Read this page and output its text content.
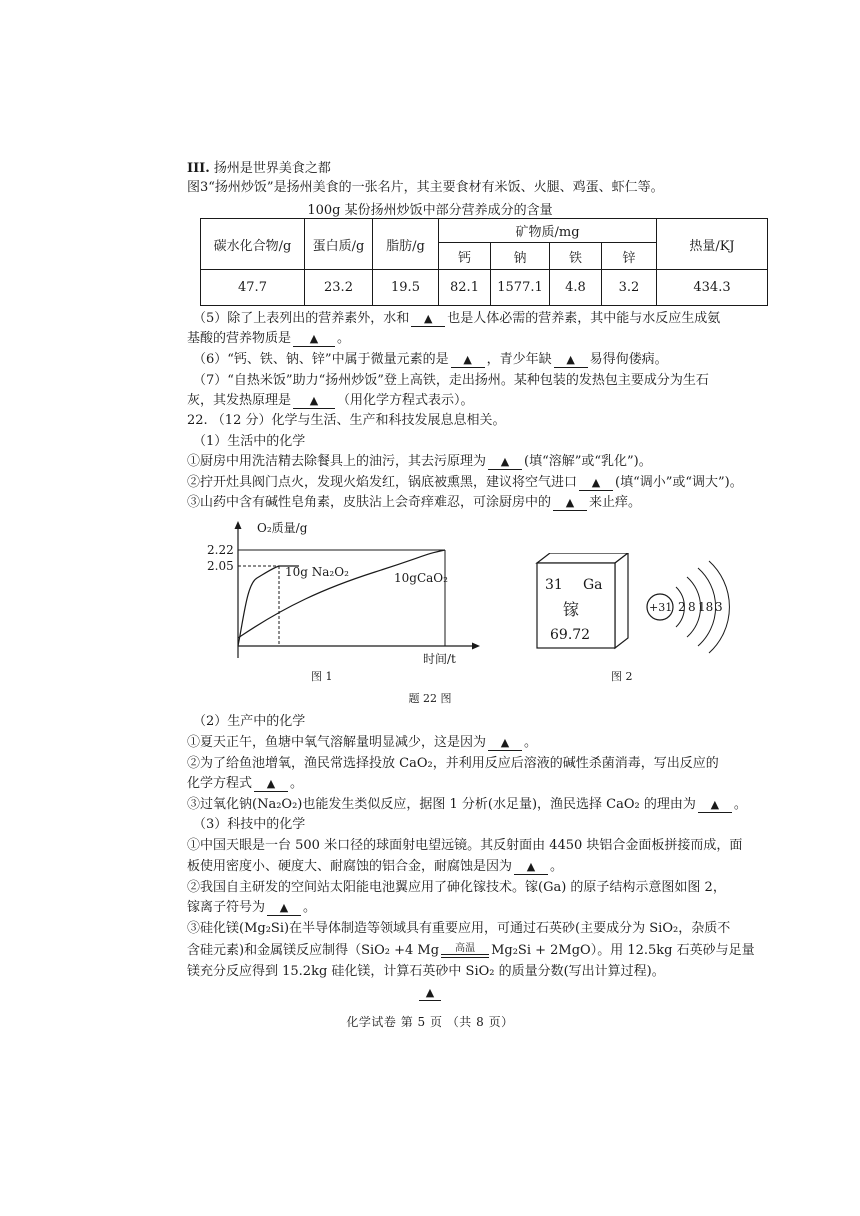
III. 扬州是世界美食之都
图3“扬州炒饭”是扬州美食的一张名片，其主要食材有米饭、火腿、鸡蛋、虾仁等。
100g 某份扬州炒饭中部分营养成分的含量
碳水化合物/g	蛋白质/g	脂肪/g	矿物质/mg				热量/KJ
			钙	钠	铁	锌	
47.7	23.2	19.5	82.1	1577.1	4.8	3.2	434.3
（5）除了上表列出的营养素外，水和 ▲ 也是人体必需的营养素，其中能与水反应生成氨
基酸的营养物质是 ▲ 。
（6）“钙、铁、钠、锌”中属于微量元素的是 ▲ ，青少年缺 ▲ 易得佝偻病。
（7）“自热米饭”助力“扬州炒饭”登上高铁，走出扬州。某种包装的发热包主要成分为生石
灰，其发热原理是 ▲ （用化学方程式表示）。
22. （12 分）化学与生活、生产和科技发展息息相关。
（1）生活中的化学
①厨房中用洗洁精去除餐具上的油污，其去污原理为 ▲ (填“溶解”或“乳化”)。
②拧开灶具阀门点火，发现火焰发红，锅底被熏黑，建议将空气进口 ▲ (填“调小”或“调大”)。
③山药中含有碱性皂角素，皮肤沾上会奇痒难忍，可涂厨房中的 ▲ 来止痒。
O₂质量/g
2.22
2.05	10g Na₂O₂	10gCaO₂
时间/t
图 1
31 Ga
镓
69.72
+31 2 8 18 3
图 2
题 22 图
（2）生产中的化学
①夏天正午，鱼塘中氧气溶解量明显减少，这是因为 ▲ 。
②为了给鱼池增氧，渔民常选择投放 CaO₂，并利用反应后溶液的碱性杀菌消毒，写出反应的
化学方程式 ▲ 。
③过氧化钠(Na₂O₂)也能发生类似反应，据图 1 分析(水足量)，渔民选择 CaO₂ 的理由为 ▲ 。
（3）科技中的化学
①中国天眼是一台 500 米口径的球面射电望远镜。其反射面由 4450 块铝合金面板拼接而成，面
板使用密度小、硬度大、耐腐蚀的铝合金，耐腐蚀是因为 ▲ 。
②我国自主研发的空间站太阳能电池翼应用了砷化镓技术。镓(Ga) 的原子结构示意图如图 2，
镓离子符号为 ▲ 。
③硅化镁(Mg₂Si)在半导体制造等领域具有重要应用，可通过石英砂(主要成分为 SiO₂，杂质不
含硅元素)和金属镁反应制得（SiO₂ +4 Mg	高温	Mg₂Si + 2MgO）。用 12.5kg 石英砂与足量
镁充分反应得到 15.2kg 硅化镁，计算石英砂中 SiO₂ 的质量分数(写出计算过程)。
▲
化学试卷 第 5 页 （共 8 页）
